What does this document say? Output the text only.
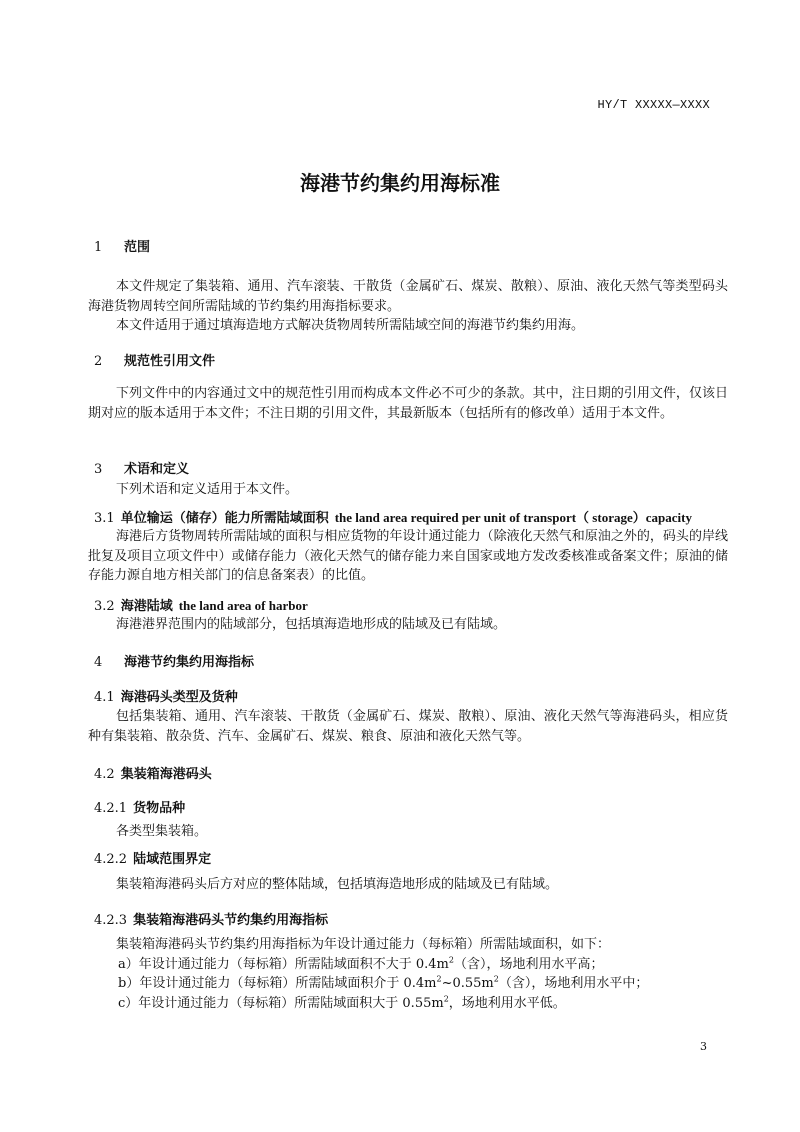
HY/T XXXXX—XXXX
海港节约集约用海标准
1 范围

本文件规定了集装箱、通用、汽车滚装、干散货（金属矿石、煤炭、散粮）、原油、液化天然气等类型码头海港货物周转空间所需陆域的节约集约用海指标要求。

本文件适用于通过填海造地方式解决货物周转所需陆域空间的海港节约集约用海。

2 规范性引用文件

下列文件中的内容通过文中的规范性引用而构成本文件必不可少的条款。其中，注日期的引用文件，仅该日期对应的版本适用于本文件；不注日期的引用文件，其最新版本（包括所有的修改单）适用于本文件。

3 术语和定义

下列术语和定义适用于本文件。

3.1 单位输运（储存）能力所需陆域面积 the land area required per unit of transport（ storage）capacity

海港后方货物周转所需陆域的面积与相应货物的年设计通过能力（除液化天然气和原油之外的，码头的岸线批复及项目立项文件中）或储存能力（液化天然气的储存能力来自国家或地方发改委核准或备案文件；原油的储存能力源自地方相关部门的信息备案表）的比值。

3.2 海港陆域 the land area of harbor

海港港界范围内的陆域部分，包括填海造地形成的陆域及已有陆域。

4 海港节约集约用海指标
4.1 海港码头类型及货种

包括集装箱、通用、汽车滚装、干散货（金属矿石、煤炭、散粮）、原油、液化天然气等海港码头，相应货种有集装箱、散杂货、汽车、金属矿石、煤炭、粮食、原油和液化天然气等。

4.2 集装箱海港码头
4.2.1 货物品种

各类型集装箱。

4.2.2 陆域范围界定

集装箱海港码头后方对应的整体陆域，包括填海造地形成的陆域及已有陆域。

4.2.3 集装箱海港码头节约集约用海指标

集装箱海港码头节约集约用海指标为年设计通过能力（每标箱）所需陆域面积，如下：

a）年设计通过能力（每标箱）所需陆域面积不大于 $0.4m^2$（含），场地利用水平高；

b）年设计通过能力（每标箱）所需陆域面积介于 $0.4m^2\sim 0.55m^2$（含），场地利用水平中；

c）年设计通过能力（每标箱）所需陆域面积大于 $0.55m^2$，场地利用水平低。

3
